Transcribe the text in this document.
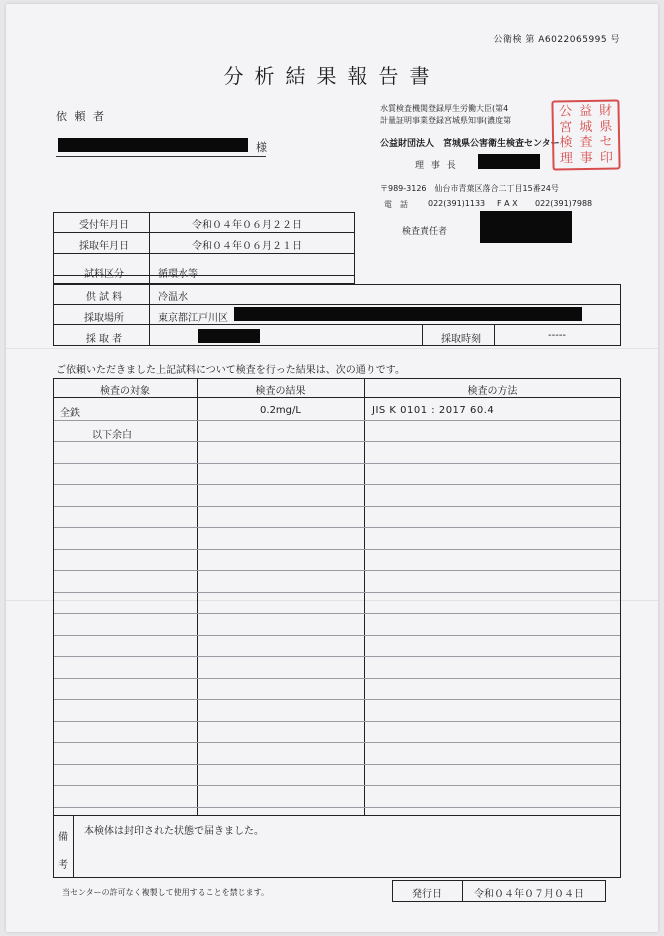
公衛検 第 A6022065995 号
分析結果報告書
依 頼 者
様
水質検査機関登録厚生労働大臣(第4
計量証明事業登録宮城県知事(濃度第
公益財団法人　宮城県公害衛生検査センター
理 事 長
〒989-3126　仙台市青葉区落合二丁目15番24号
電　話	022(391)1133 F A X 022(391)7988
検査責任者
公 益 財
宮 城 県
検 査 セ
理 事 印
受付年月日	令和０４年０６月２２日
採取年月日	令和０４年０６月２１日
試料区分	循環水等
供 試 料	冷温水
採取場所	東京都江戸川区
採 取 者	採取時刻	-----
ご依頼いただきました上記試料について検査を行った結果は、次の通りです。
検査の対象	検査の結果	検査の方法
全鉄	0.2mg/L	JIS K 0101 : 2017 60.4
以下余白
備
考
本検体は封印された状態で届きました。
当センターの許可なく複製して使用することを禁じます。	発行日	令和０４年０７月０４日
